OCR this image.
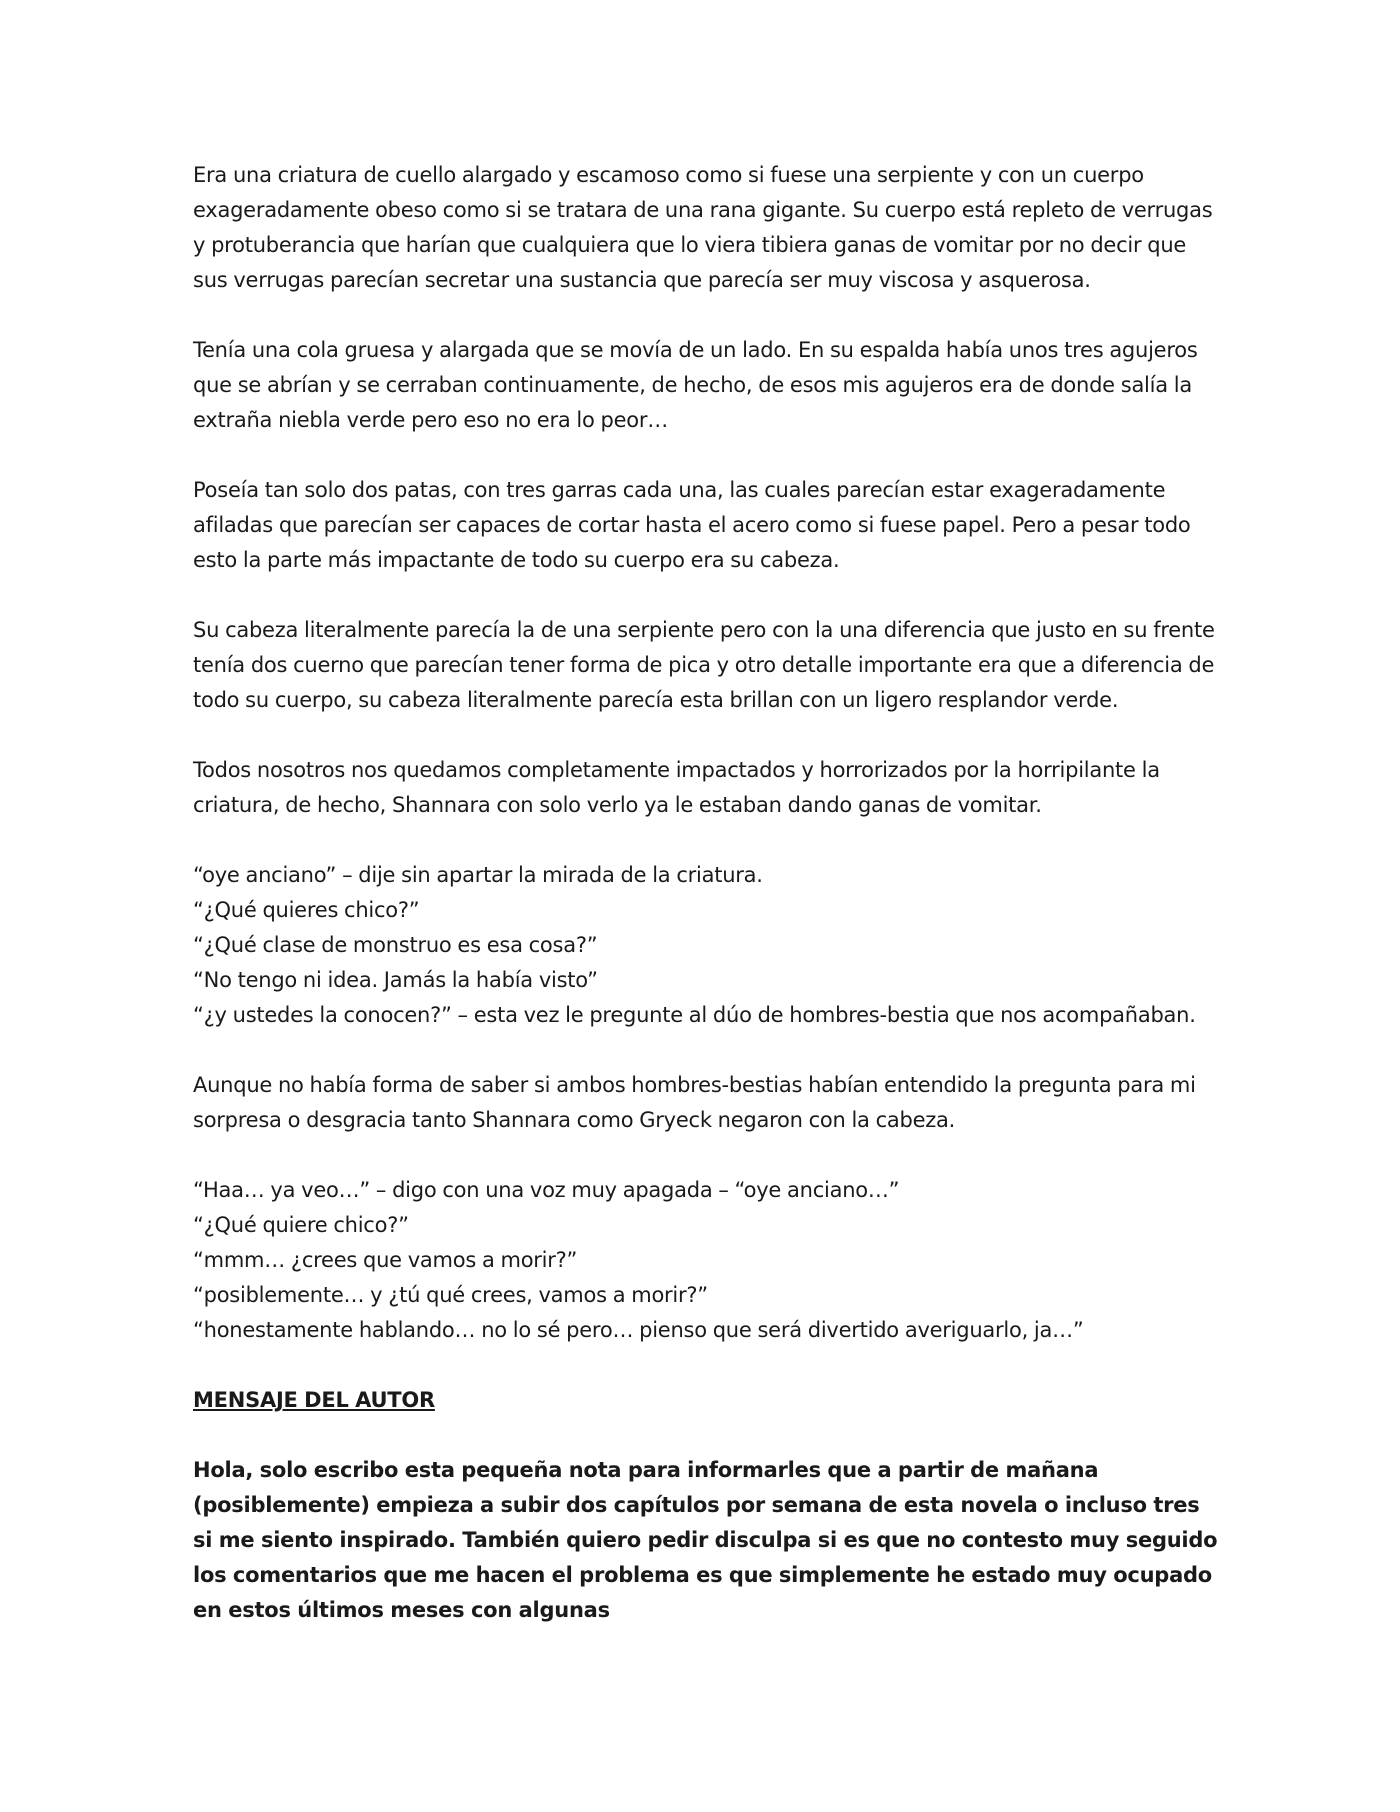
Era una criatura de cuello alargado y escamoso como si fuese una serpiente y con un cuerpo exageradamente obeso como si se tratara de una rana gigante. Su cuerpo está repleto de verrugas y protuberancia que harían que cualquiera que lo viera tibiera ganas de vomitar por no decir que sus verrugas parecían secretar una sustancia que parecía ser muy viscosa y asquerosa.

Tenía una cola gruesa y alargada que se movía de un lado. En su espalda había unos tres agujeros que se abrían y se cerraban continuamente, de hecho, de esos mis agujeros era de donde salía la extraña niebla verde pero eso no era lo peor…

Poseía tan solo dos patas, con tres garras cada una, las cuales parecían estar exageradamente afiladas que parecían ser capaces de cortar hasta el acero como si fuese papel. Pero a pesar todo esto la parte más impactante de todo su cuerpo era su cabeza.

Su cabeza literalmente parecía la de una serpiente pero con la una diferencia que justo en su frente tenía dos cuerno que parecían tener forma de pica y otro detalle importante era que a diferencia de todo su cuerpo, su cabeza literalmente parecía esta brillan con un ligero resplandor verde.

Todos nosotros nos quedamos completamente impactados y horrorizados por la horripilante la criatura, de hecho, Shannara con solo verlo ya le estaban dando ganas de vomitar.

“oye anciano” – dije sin apartar la mirada de la criatura.
“¿Qué quieres chico?”
“¿Qué clase de monstruo es esa cosa?”
“No tengo ni idea. Jamás la había visto”
“¿y ustedes la conocen?” – esta vez le pregunte al dúo de hombres-bestia que nos acompañaban.

Aunque no había forma de saber si ambos hombres-bestias habían entendido la pregunta para mi sorpresa o desgracia tanto Shannara como Gryeck negaron con la cabeza.

“Haa… ya veo…” – digo con una voz muy apagada – “oye anciano…”
“¿Qué quiere chico?”
“mmm… ¿crees que vamos a morir?”
“posiblemente… y ¿tú qué crees, vamos a morir?”
“honestamente hablando… no lo sé pero… pienso que será divertido averiguarlo, ja…”

MENSAJE DEL AUTOR

Hola, solo escribo esta pequeña nota para informarles que a partir de mañana (posiblemente) empieza a subir dos capítulos por semana de esta novela o incluso tres si me siento inspirado. También quiero pedir disculpa si es que no contesto muy seguido los comentarios que me hacen el problema es que simplemente he estado muy ocupado en estos últimos meses con algunas
